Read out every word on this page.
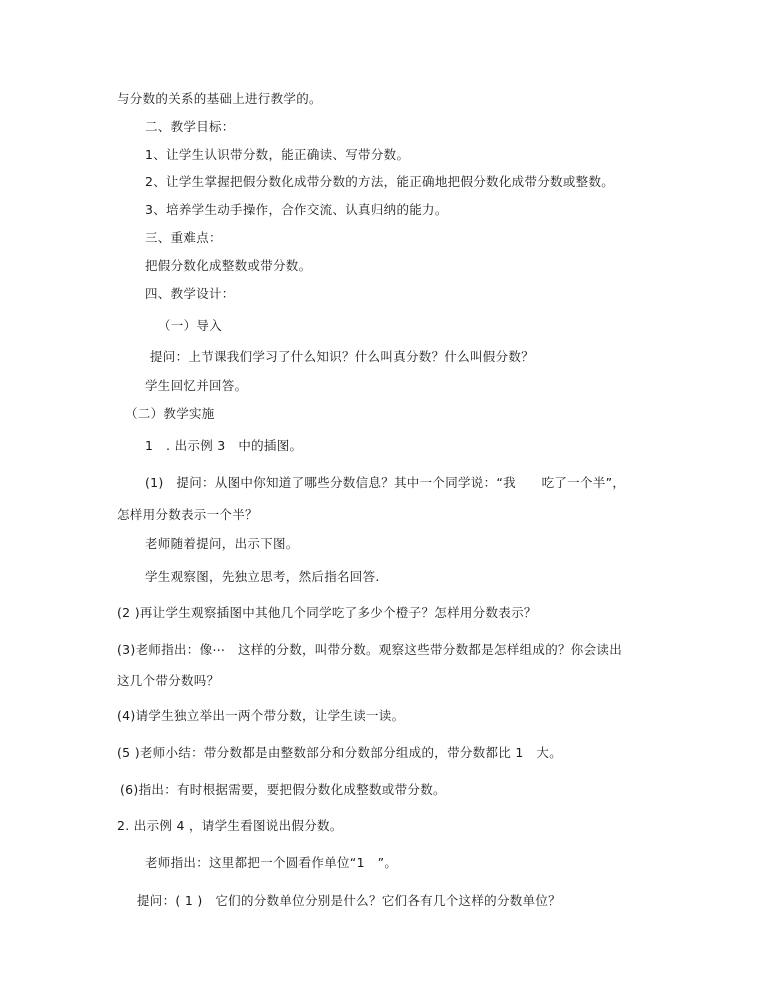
与分数的关系的基础上进行教学的。
二、教学目标：
1、让学生认识带分数，能正确读、写带分数。
2、让学生掌握把假分数化成带分数的方法，能正确地把假分数化成带分数或整数。
3、培养学生动手操作，合作交流、认真归纳的能力。
三、重难点：
把假分数化成整数或带分数。
四、教学设计：
（一）导入
提问：上节课我们学习了什么知识？什么叫真分数？什么叫假分数？
学生回忆并回答。
（二）教学实施
1　. 出示例 3　中的插图。
(1)　提问：从图中你知道了哪些分数信息？其中一个同学说：“我　　吃了一个半”，
怎样用分数表示一个半？
老师随着提问，出示下图。
学生观察图，先独立思考，然后指名回答.
(2 )再让学生观察插图中其他几个同学吃了多少个橙子？怎样用分数表示？
(3)老师指出：像⋯　这样的分数，叫带分数。观察这些带分数都是怎样组成的？你会读出
这几个带分数吗？
(4)请学生独立举出一两个带分数，让学生读一读。
(5 )老师小结：带分数都是由整数部分和分数部分组成的，带分数都比 1　大。
(6)指出：有时根据需要，要把假分数化成整数或带分数。
2. 出示例 4 ，请学生看图说出假分数。
老师指出：这里都把一个圆看作单位“1　”。
提问：( 1 )　它们的分数单位分别是什么？它们各有几个这样的分数单位？
